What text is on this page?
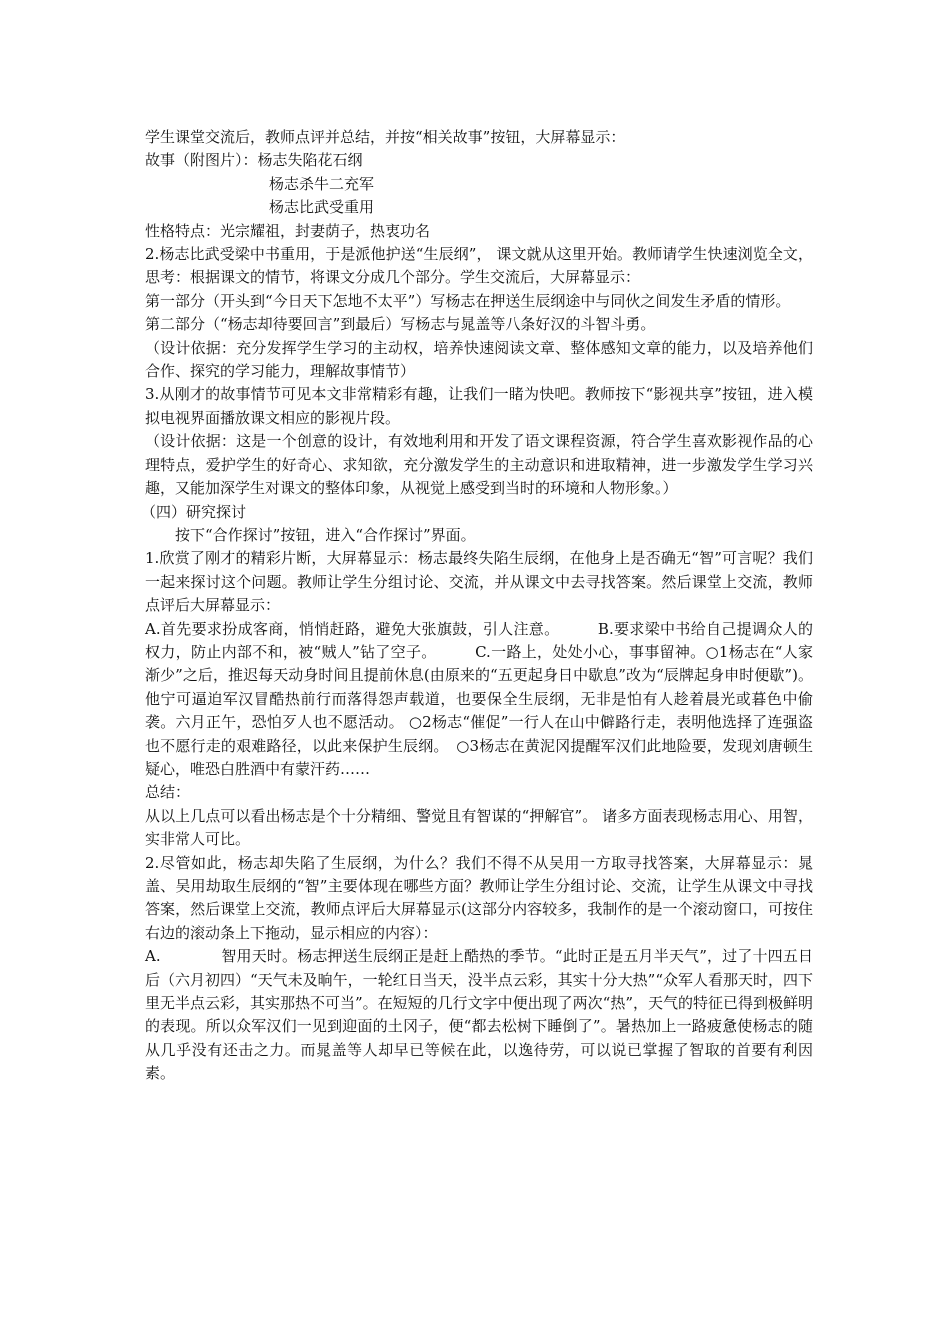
学生课堂交流后，教师点评并总结，并按“相关故事”按钮，大屏幕显示：

故事（附图片）：杨志失陷花石纲

杨志杀牛二充军

杨志比武受重用

性格特点：光宗耀祖，封妻荫子，热衷功名

2.杨志比武受梁中书重用，于是派他护送“生辰纲”， 课文就从这里开始。教师请学生快速浏览全文，思考：根据课文的情节，将课文分成几个部分。学生交流后，大屏幕显示：

第一部分（开头到“今日天下怎地不太平”）写杨志在押送生辰纲途中与同伙之间发生矛盾的情形。

第二部分（“杨志却待要回言”到最后）写杨志与晁盖等八条好汉的斗智斗勇。

（设计依据：充分发挥学生学习的主动权，培养快速阅读文章、整体感知文章的能力，以及培养他们合作、探究的学习能力，理解故事情节）

3.从刚才的故事情节可见本文非常精彩有趣，让我们一睹为快吧。教师按下“影视共享”按钮，进入模拟电视界面播放课文相应的影视片段。

（设计依据：这是一个创意的设计，有效地利用和开发了语文课程资源，符合学生喜欢影视作品的心理特点，爱护学生的好奇心、求知欲，充分激发学生的主动意识和进取精神，进一步激发学生学习兴趣，又能加深学生对课文的整体印象，从视觉上感受到当时的环境和人物形象。）

（四）研究探讨

按下“合作探讨”按钮，进入“合作探讨”界面。

1.欣赏了刚才的精彩片断，大屏幕显示：杨志最终失陷生辰纲，在他身上是否确无“智”可言呢？我们一起来探讨这个问题。教师让学生分组讨论、交流，并从课文中去寻找答案。然后课堂上交流，教师点评后大屏幕显示：

A.首先要求扮成客商，悄悄赶路，避免大张旗鼓，引人注意。　　　B.要求梁中书给自己提调众人的权力，防止内部不和，被“贼人”钻了空子。　　　C.一路上，处处小心，事事留神。○1杨志在“人家渐少”之后，推迟每天动身时间且提前休息(由原来的“五更起身日中歇息”改为“辰牌起身申时便歇”)。他宁可逼迫军汉冒酷热前行而落得怨声载道，也要保全生辰纲，无非是怕有人趁着晨光或暮色中偷袭。六月正午，恐怕歹人也不愿活动。 ○2杨志“催促”一行人在山中僻路行走，表明他选择了连强盗也不愿行走的艰难路径，以此来保护生辰纲。　○3杨志在黄泥冈提醒军汉们此地险要，发现刘唐顿生疑心，唯恐白胜酒中有蒙汗药……

总结：

从以上几点可以看出杨志是个十分精细、警觉且有智谋的“押解官”。 诸多方面表现杨志用心、用智，实非常人可比。

2.尽管如此，杨志却失陷了生辰纲，为什么？我们不得不从吴用一方取寻找答案，大屏幕显示：晁盖、吴用劫取生辰纲的“智”主要体现在哪些方面？教师让学生分组讨论、交流，让学生从课文中寻找答案，然后课堂上交流，教师点评后大屏幕显示(这部分内容较多，我制作的是一个滚动窗口，可按住右边的滚动条上下拖动，显示相应的内容）：

A.　　　　智用天时。杨志押送生辰纲正是赶上酷热的季节。“此时正是五月半天气”，过了十四五日后（六月初四）“天气未及晌午，一轮红日当天，没半点云彩，其实十分大热”“众军人看那天时，四下里无半点云彩，其实那热不可当”。在短短的几行文字中便出现了两次“热”，天气的特征已得到极鲜明的表现。所以众军汉们一见到迎面的土冈子，便“都去松树下睡倒了”。暑热加上一路疲惫使杨志的随从几乎没有还击之力。而晁盖等人却早已等候在此，以逸待劳，可以说已掌握了智取的首要有利因素。
